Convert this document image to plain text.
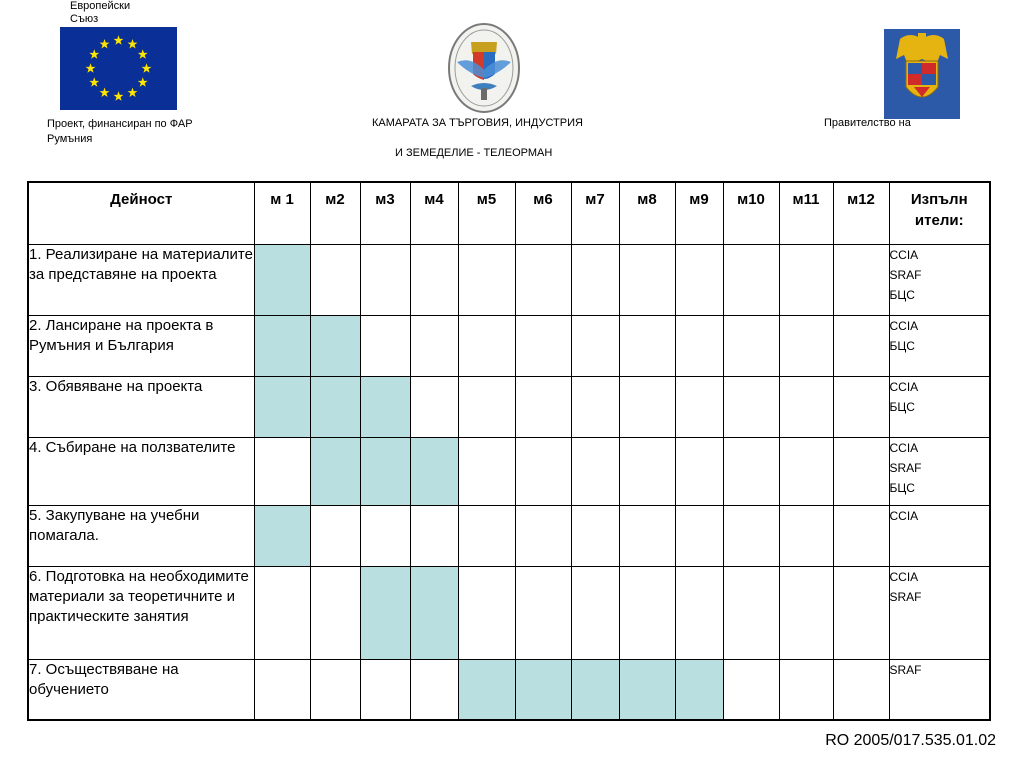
Европейски
Съюз
Проект, финансиран по ФАР
Румъния
КАМАРАТА ЗА ТЪРГОВИЯ, ИНДУСТРИЯ
И ЗЕМЕДЕЛИЕ - ТЕЛЕОРМАН
Правителство на
Дейност	м 1	м2	м3	м4	м5	м6	м7	м8	м9	м10	м11	м12	Изпълн
ители:
1. Реализиране на материалите за представяне на проекта													CCIA
SRAF
БЦС

2. Лансиране на проекта в Румъния и България													CCIA
БЦС

3. Обявяване на проекта													CCIA
БЦС

4. Събиране на ползвателите													CCIA
SRAF
БЦС

5. Закупуване на учебни помагала.													CCIA

6. Подготовка на необходимите материали за теоретичните и практическите занятия													CCIA
SRAF

7. Осъществяване на обучението													SRAF
RO 2005/017.535.01.02
